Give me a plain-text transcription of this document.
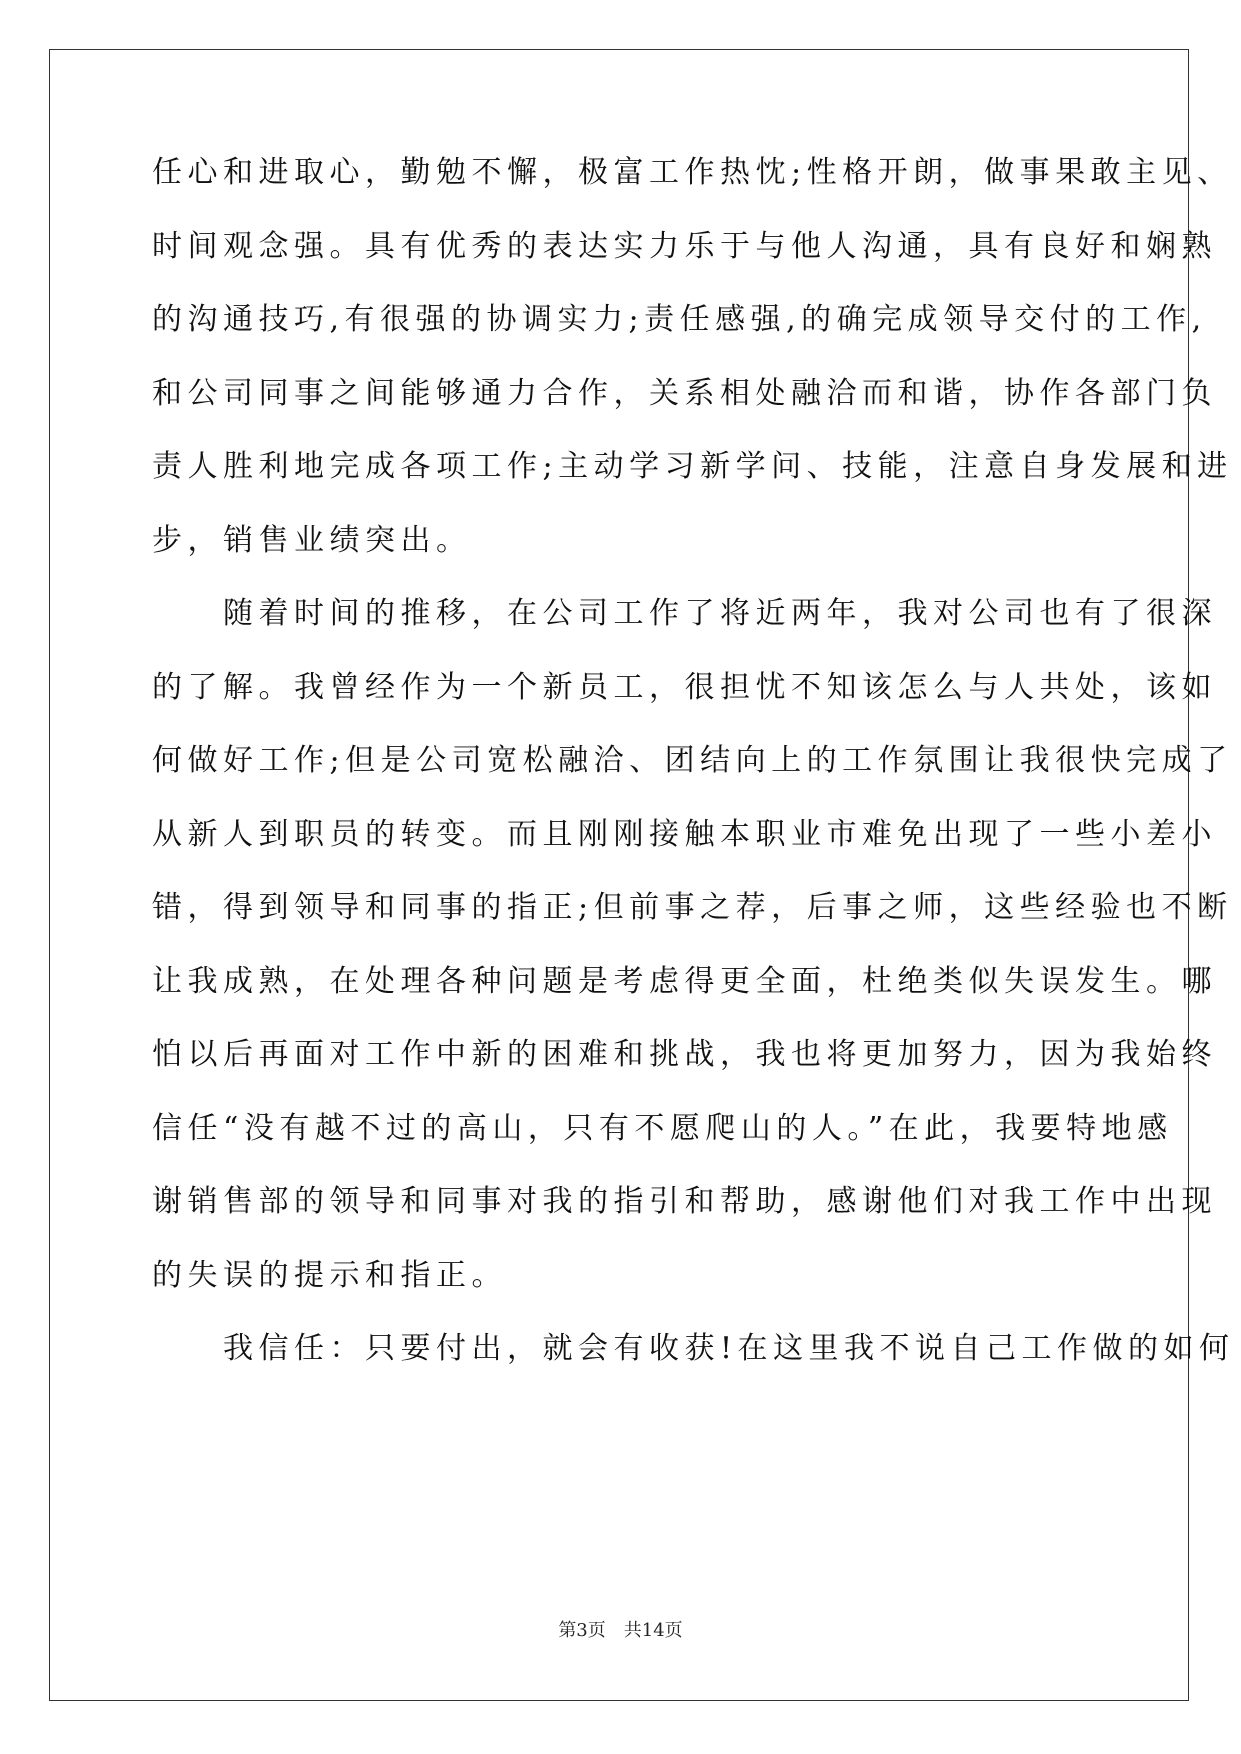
任心和进取心，勤勉不懈，极富工作热忱;性格开朗，做事果敢主见、
时间观念强。具有优秀的表达实力乐于与他人沟通，具有良好和娴熟
的沟通技巧,有很强的协调实力;责任感强,的确完成领导交付的工作,
和公司同事之间能够通力合作，关系相处融洽而和谐，协作各部门负
责人胜利地完成各项工作;主动学习新学问、技能，注意自身发展和进
步，销售业绩突出。
　　随着时间的推移，在公司工作了将近两年，我对公司也有了很深
的了解。我曾经作为一个新员工，很担忧不知该怎么与人共处，该如
何做好工作;但是公司宽松融洽、团结向上的工作氛围让我很快完成了
从新人到职员的转变。而且刚刚接触本职业市难免出现了一些小差小
错，得到领导和同事的指正;但前事之荐，后事之师，这些经验也不断
让我成熟，在处理各种问题是考虑得更全面，杜绝类似失误发生。哪
怕以后再面对工作中新的困难和挑战，我也将更加努力，因为我始终
信任“没有越不过的高山，只有不愿爬山的人。”在此，我要特地感
谢销售部的领导和同事对我的指引和帮助，感谢他们对我工作中出现
的失误的提示和指正。
　　我信任：只要付出，就会有收获!在这里我不说自己工作做的如何
第3页　共14页
